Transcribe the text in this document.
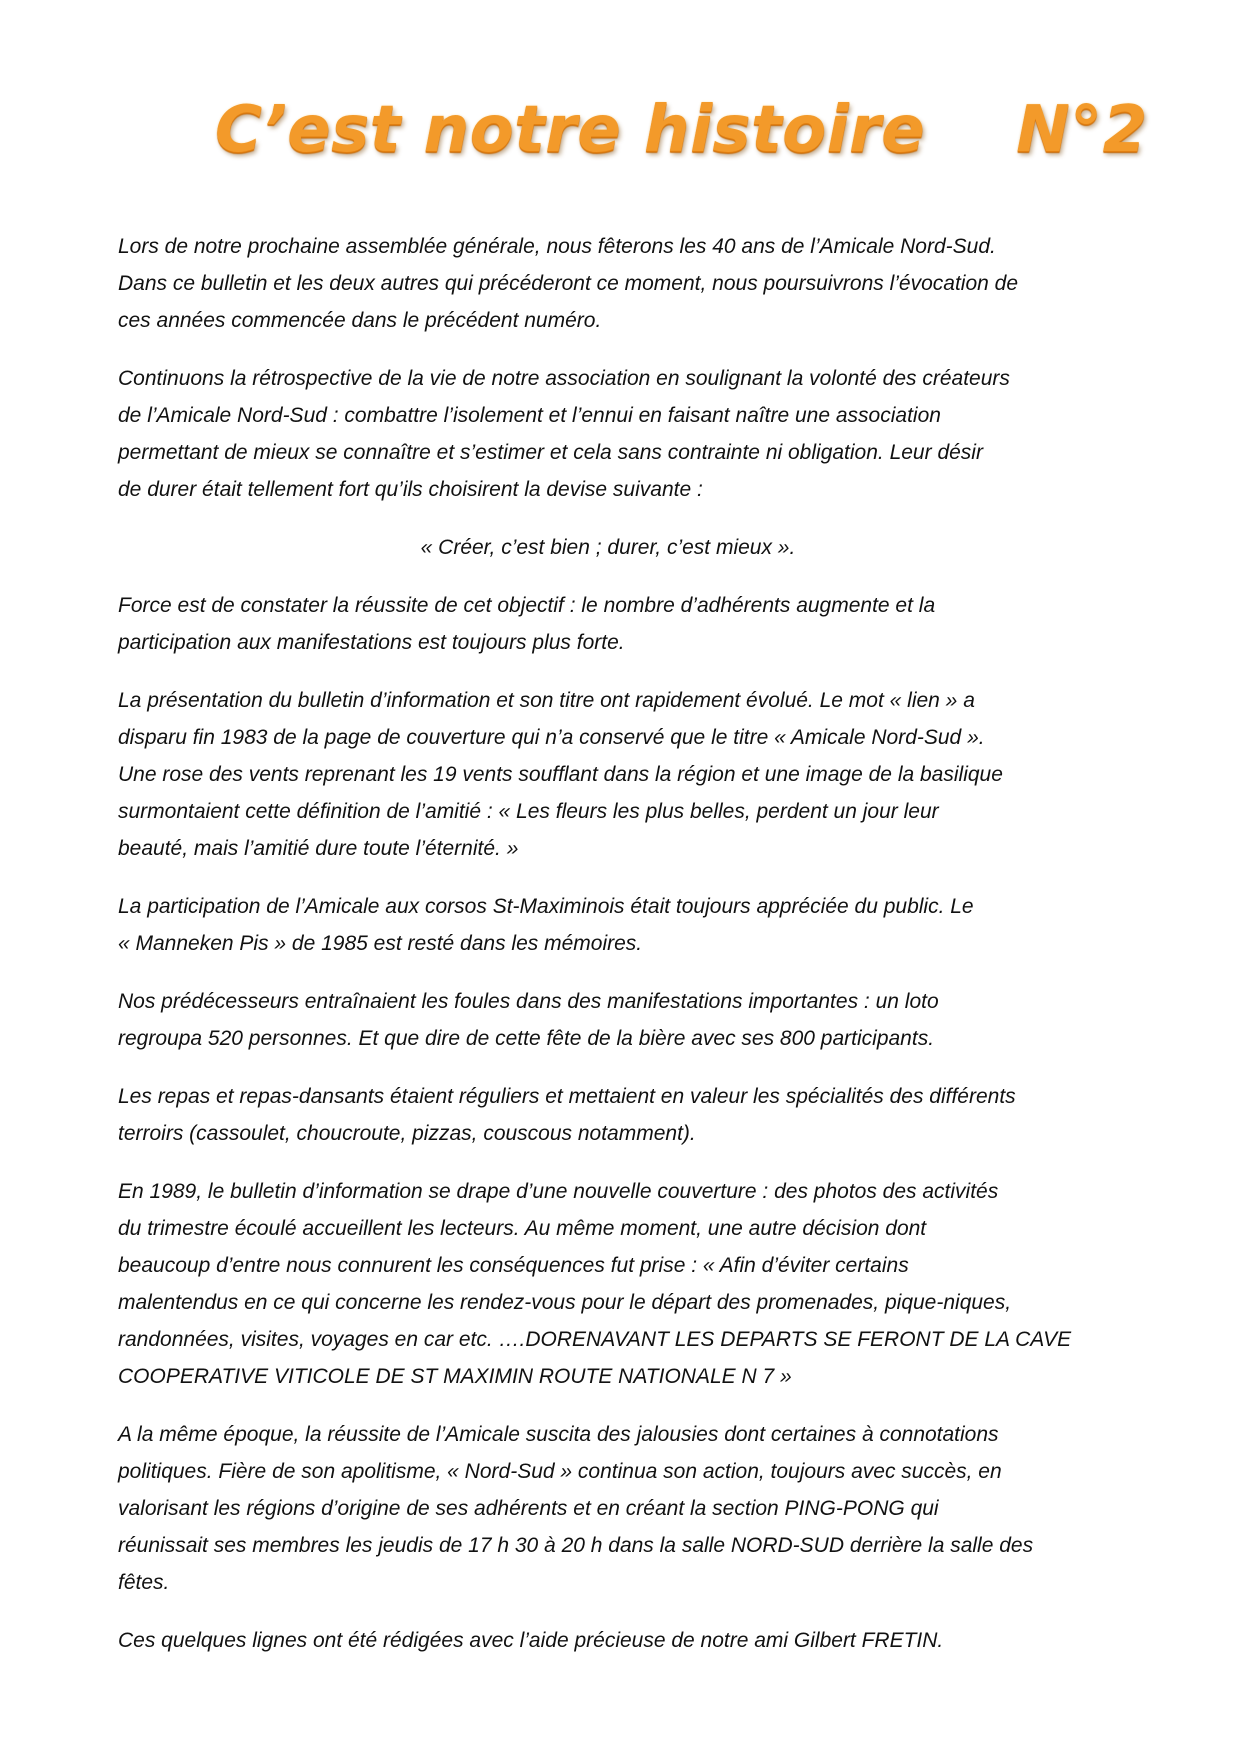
C’est notre histoire    N°2

Lors de notre prochaine assemblée générale, nous fêterons les 40 ans de l’Amicale Nord-Sud.
Dans ce bulletin et les deux autres qui précéderont ce moment, nous poursuivrons l’évocation de
ces années commencée dans le précédent numéro.

Continuons la rétrospective de la vie de notre association en soulignant la volonté des créateurs
de l’Amicale Nord-Sud : combattre l’isolement et l’ennui en faisant naître une association
permettant de mieux se connaître et s’estimer et cela sans contrainte ni obligation. Leur désir
de durer était tellement fort qu’ils choisirent la devise suivante :

« Créer, c’est bien ; durer, c’est mieux ».

Force est de constater la réussite de cet objectif : le nombre d’adhérents augmente et la
participation aux manifestations est toujours plus forte.

La présentation du bulletin d’information et son titre ont rapidement évolué. Le mot « lien » a
disparu fin 1983 de la page de couverture qui n’a conservé que le titre « Amicale Nord-Sud ».
Une rose des vents reprenant les 19 vents soufflant dans la région et une image de la basilique
surmontaient cette définition de l’amitié : « Les fleurs les plus belles, perdent un jour leur
beauté, mais l’amitié dure toute l’éternité. »

La participation de l’Amicale aux corsos St-Maximinois était toujours appréciée du public. Le
« Manneken Pis » de 1985 est resté dans les mémoires.

Nos prédécesseurs entraînaient les foules dans des manifestations importantes : un loto
regroupa 520 personnes. Et que dire de cette fête de la bière avec ses 800 participants.

Les repas et repas-dansants étaient réguliers et mettaient en valeur les spécialités des différents
terroirs (cassoulet, choucroute, pizzas, couscous notamment).

En 1989, le bulletin d’information se drape d’une nouvelle couverture : des photos des activités
du trimestre écoulé accueillent les lecteurs. Au même moment, une autre décision dont
beaucoup d’entre nous connurent les conséquences fut prise : « Afin d’éviter certains
malentendus en ce qui concerne les rendez-vous pour le départ des promenades, pique-niques,
randonnées, visites, voyages en car etc. ….DORENAVANT LES DEPARTS SE FERONT DE LA CAVE
COOPERATIVE VITICOLE DE ST MAXIMIN ROUTE NATIONALE N 7 »

A la même époque, la réussite de l’Amicale suscita des jalousies dont certaines à connotations
politiques. Fière de son apolitisme, « Nord-Sud » continua son action, toujours avec succès, en
valorisant les régions d’origine de ses adhérents et en créant la section PING-PONG qui
réunissait ses membres les jeudis de 17 h 30 à 20 h dans la salle NORD-SUD derrière la salle des
fêtes.

Ces quelques lignes ont été rédigées avec l’aide précieuse de notre ami Gilbert FRETIN.
